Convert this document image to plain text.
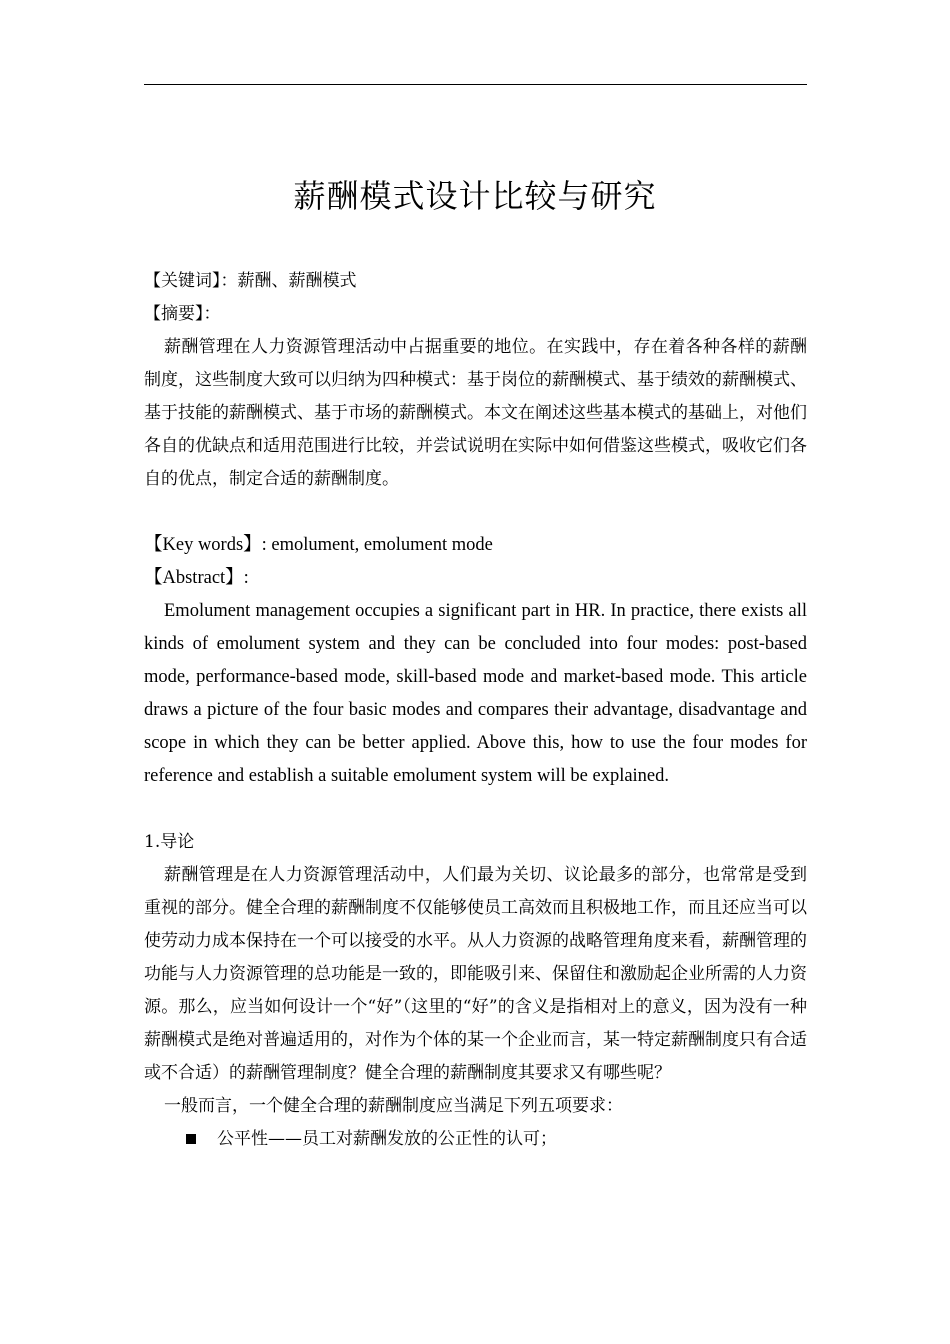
薪酬模式设计比较与研究

【关键词】：薪酬、薪酬模式

【摘要】：

薪酬管理在人力资源管理活动中占据重要的地位。在实践中，存在着各种各样的薪酬制度，这些制度大致可以归纳为四种模式：基于岗位的薪酬模式、基于绩效的薪酬模式、基于技能的薪酬模式、基于市场的薪酬模式。本文在阐述这些基本模式的基础上，对他们各自的优缺点和适用范围进行比较，并尝试说明在实际中如何借鉴这些模式，吸收它们各自的优点，制定合适的薪酬制度。

【Key words】: emolument, emolument mode

【Abstract】:

Emolument management occupies a significant part in HR. In practice, there exists all kinds of emolument system and they can be concluded into four modes: post-based mode, performance-based mode, skill-based mode and market-based mode. This article draws a picture of the four basic modes and compares their advantage, disadvantage and scope in which they can be better applied. Above this, how to use the four modes for reference and establish a suitable emolument system will be explained.

1.导论

薪酬管理是在人力资源管理活动中，人们最为关切、议论最多的部分，也常常是受到重视的部分。健全合理的薪酬制度不仅能够使员工高效而且积极地工作，而且还应当可以使劳动力成本保持在一个可以接受的水平。从人力资源的战略管理角度来看，薪酬管理的功能与人力资源管理的总功能是一致的，即能吸引来、保留住和激励起企业所需的人力资源。那么，应当如何设计一个“好”（这里的“好”的含义是指相对上的意义，因为没有一种薪酬模式是绝对普遍适用的，对作为个体的某一个企业而言，某一特定薪酬制度只有合适或不合适）的薪酬管理制度？健全合理的薪酬制度其要求又有哪些呢？

一般而言，一个健全合理的薪酬制度应当满足下列五项要求：

公平性——员工对薪酬发放的公正性的认可；
